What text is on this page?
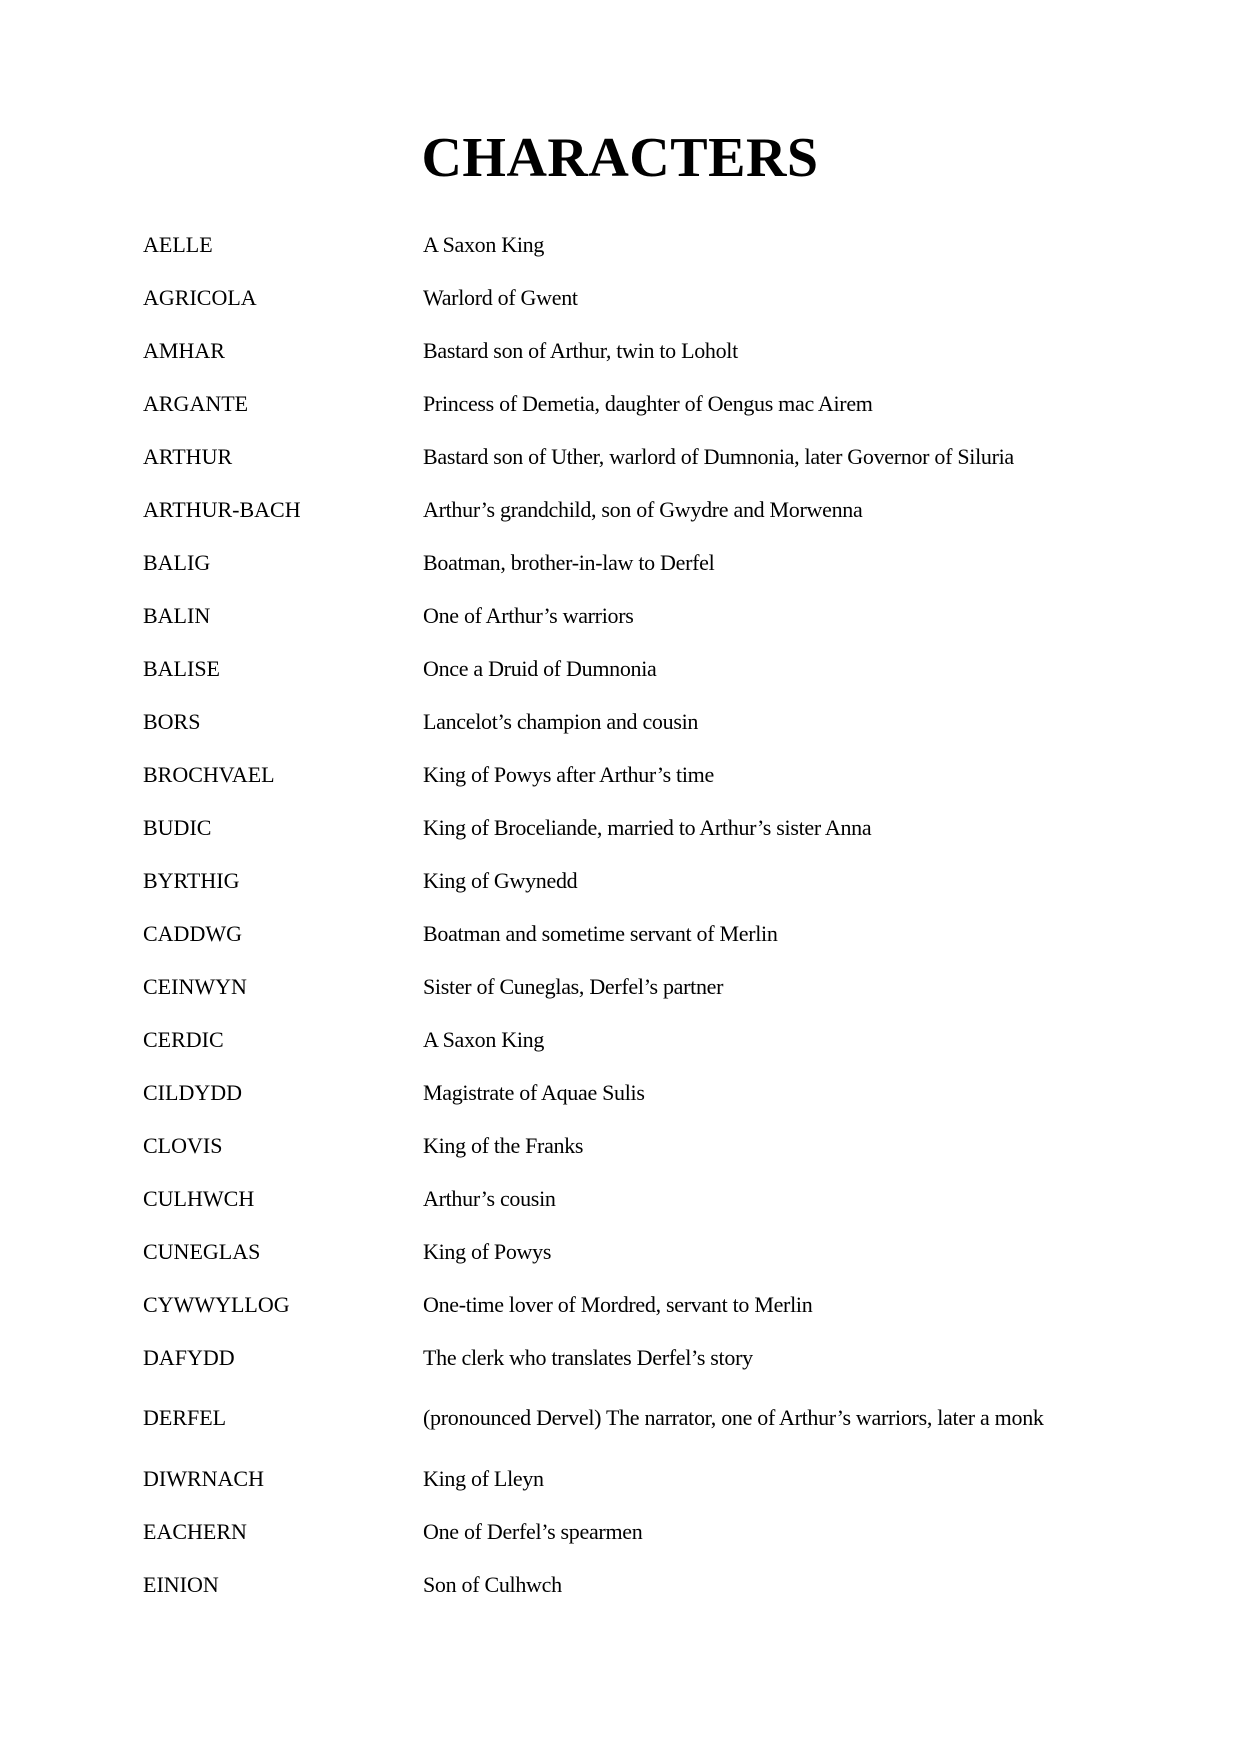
CHARACTERS
AELLE	A Saxon King
AGRICOLA	Warlord of Gwent
AMHAR	Bastard son of Arthur, twin to Loholt
ARGANTE	Princess of Demetia, daughter of Oengus mac Airem
ARTHUR	Bastard son of Uther, warlord of Dumnonia, later Governor of Siluria
ARTHUR-BACH	Arthur’s grandchild, son of Gwydre and Morwenna
BALIG	Boatman, brother-in-law to Derfel
BALIN	One of Arthur’s warriors
BALISE	Once a Druid of Dumnonia
BORS	Lancelot’s champion and cousin
BROCHVAEL	King of Powys after Arthur’s time
BUDIC	King of Broceliande, married to Arthur’s sister Anna
BYRTHIG	King of Gwynedd
CADDWG	Boatman and sometime servant of Merlin
CEINWYN	Sister of Cuneglas, Derfel’s partner
CERDIC	A Saxon King
CILDYDD	Magistrate of Aquae Sulis
CLOVIS	King of the Franks
CULHWCH	Arthur’s cousin
CUNEGLAS	King of Powys
CYWWYLLOG	One-time lover of Mordred, servant to Merlin
DAFYDD	The clerk who translates Derfel’s story
DERFEL	(pronounced Dervel) The narrator, one of Arthur’s warriors, later a monk
DIWRNACH	King of Lleyn
EACHERN	One of Derfel’s spearmen
EINION	Son of Culhwch
